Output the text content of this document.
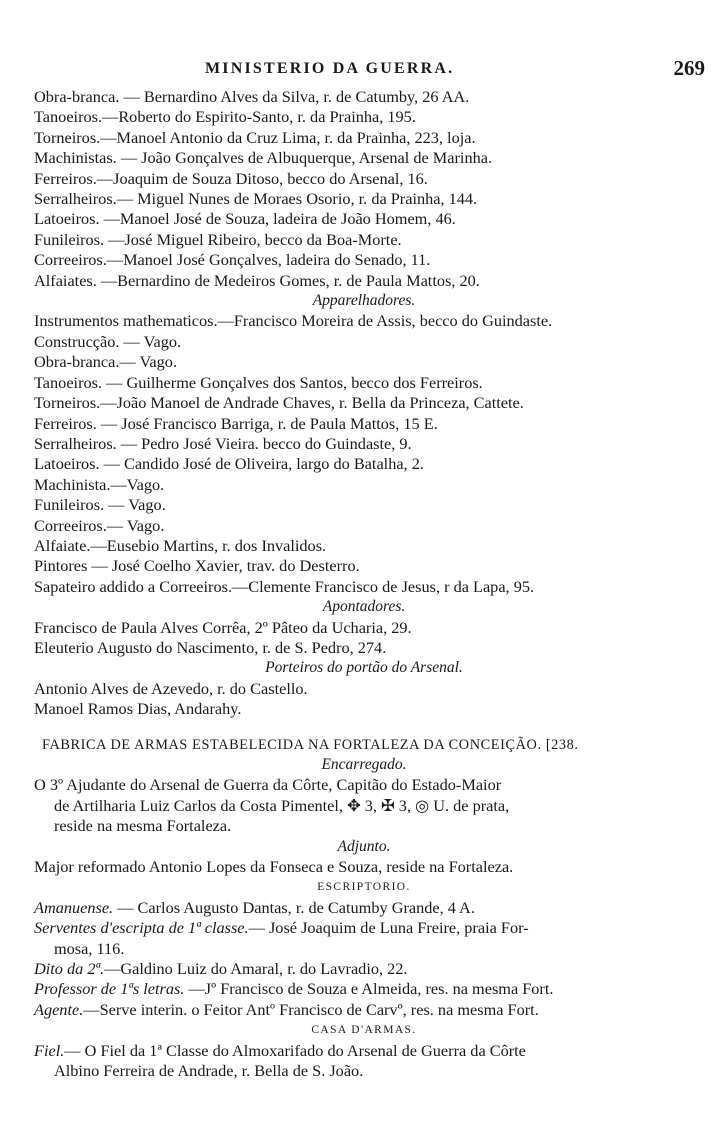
MINISTERIO DA GUERRA.	269
Obra-branca. — Bernardino Alves da Silva, r. de Catumby, 26 AA.
Tanoeiros.—Roberto do Espirito-Santo, r. da Prainha, 195.
Torneiros.—Manoel Antonio da Cruz Lima, r. da Prainha, 223, loja.
Machinistas. — João Gonçalves de Albuquerque, Arsenal de Marinha.
Ferreiros.—Joaquim de Souza Ditoso, becco do Arsenal, 16.
Serralheiros.— Miguel Nunes de Moraes Osorio, r. da Prainha, 144.
Latoeiros. —Manoel José de Souza, ladeira de João Homem, 46.
Funileiros. —José Miguel Ribeiro, becco da Boa-Morte.
Correeiros.—Manoel José Gonçalves, ladeira do Senado, 11.
Alfaiates. —Bernardino de Medeiros Gomes, r. de Paula Mattos, 20.
Apparelhadores.
Instrumentos mathematicos.—Francisco Moreira de Assis, becco do Guindaste.
Construcção. — Vago.
Obra-branca.— Vago.
Tanoeiros. — Guilherme Gonçalves dos Santos, becco dos Ferreiros.
Torneiros.—João Manoel de Andrade Chaves, r. Bella da Princeza, Cattete.
Ferreiros. — José Francisco Barriga, r. de Paula Mattos, 15 E.
Serralheiros. — Pedro José Vieira. becco do Guindaste, 9.
Latoeiros. — Candido José de Oliveira, largo do Batalha, 2.
Machinista.—Vago.
Funileiros. — Vago.
Correeiros.— Vago.
Alfaiate.—Eusebio Martins, r. dos Invalidos.
Pintores — José Coelho Xavier, trav. do Desterro.
Sapateiro addido a Correeiros.—Clemente Francisco de Jesus, r da Lapa, 95.
Apontadores.
Francisco de Paula Alves Corrêa, 2º Pâteo da Ucharia, 29.
Eleuterio Augusto do Nascimento, r. de S. Pedro, 274.
Porteiros do portão do Arsenal.
Antonio Alves de Azevedo, r. do Castello.
Manoel Ramos Dias, Andarahy.
FABRICA DE ARMAS ESTABELECIDA NA FORTALEZA DA CONCEIÇÃO. [238.
Encarregado.
O 3º Ajudante do Arsenal de Guerra da Côrte, Capitão do Estado-Maior
de Artilharia Luiz Carlos da Costa Pimentel, ✥ 3, ✠ 3, ◎ U. de prata,
reside na mesma Fortaleza.
Adjunto.
Major reformado Antonio Lopes da Fonseca e Souza, reside na Fortaleza.
ESCRIPTORIO.
Amanuense. — Carlos Augusto Dantas, r. de Catumby Grande, 4 A.
Serventes d'escripta de 1ª classe.— José Joaquim de Luna Freire, praia For-
mosa, 116.
Dito da 2ª.—Galdino Luiz do Amaral, r. do Lavradio, 22.
Professor de 1ªs letras. —Jº Francisco de Souza e Almeida, res. na mesma Fort.
Agente.—Serve interin. o Feitor Antº Francisco de Carvº, res. na mesma Fort.
CASA D'ARMAS.
Fiel.— O Fiel da 1ª Classe do Almoxarifado do Arsenal de Guerra da Côrte
Albino Ferreira de Andrade, r. Bella de S. João.
